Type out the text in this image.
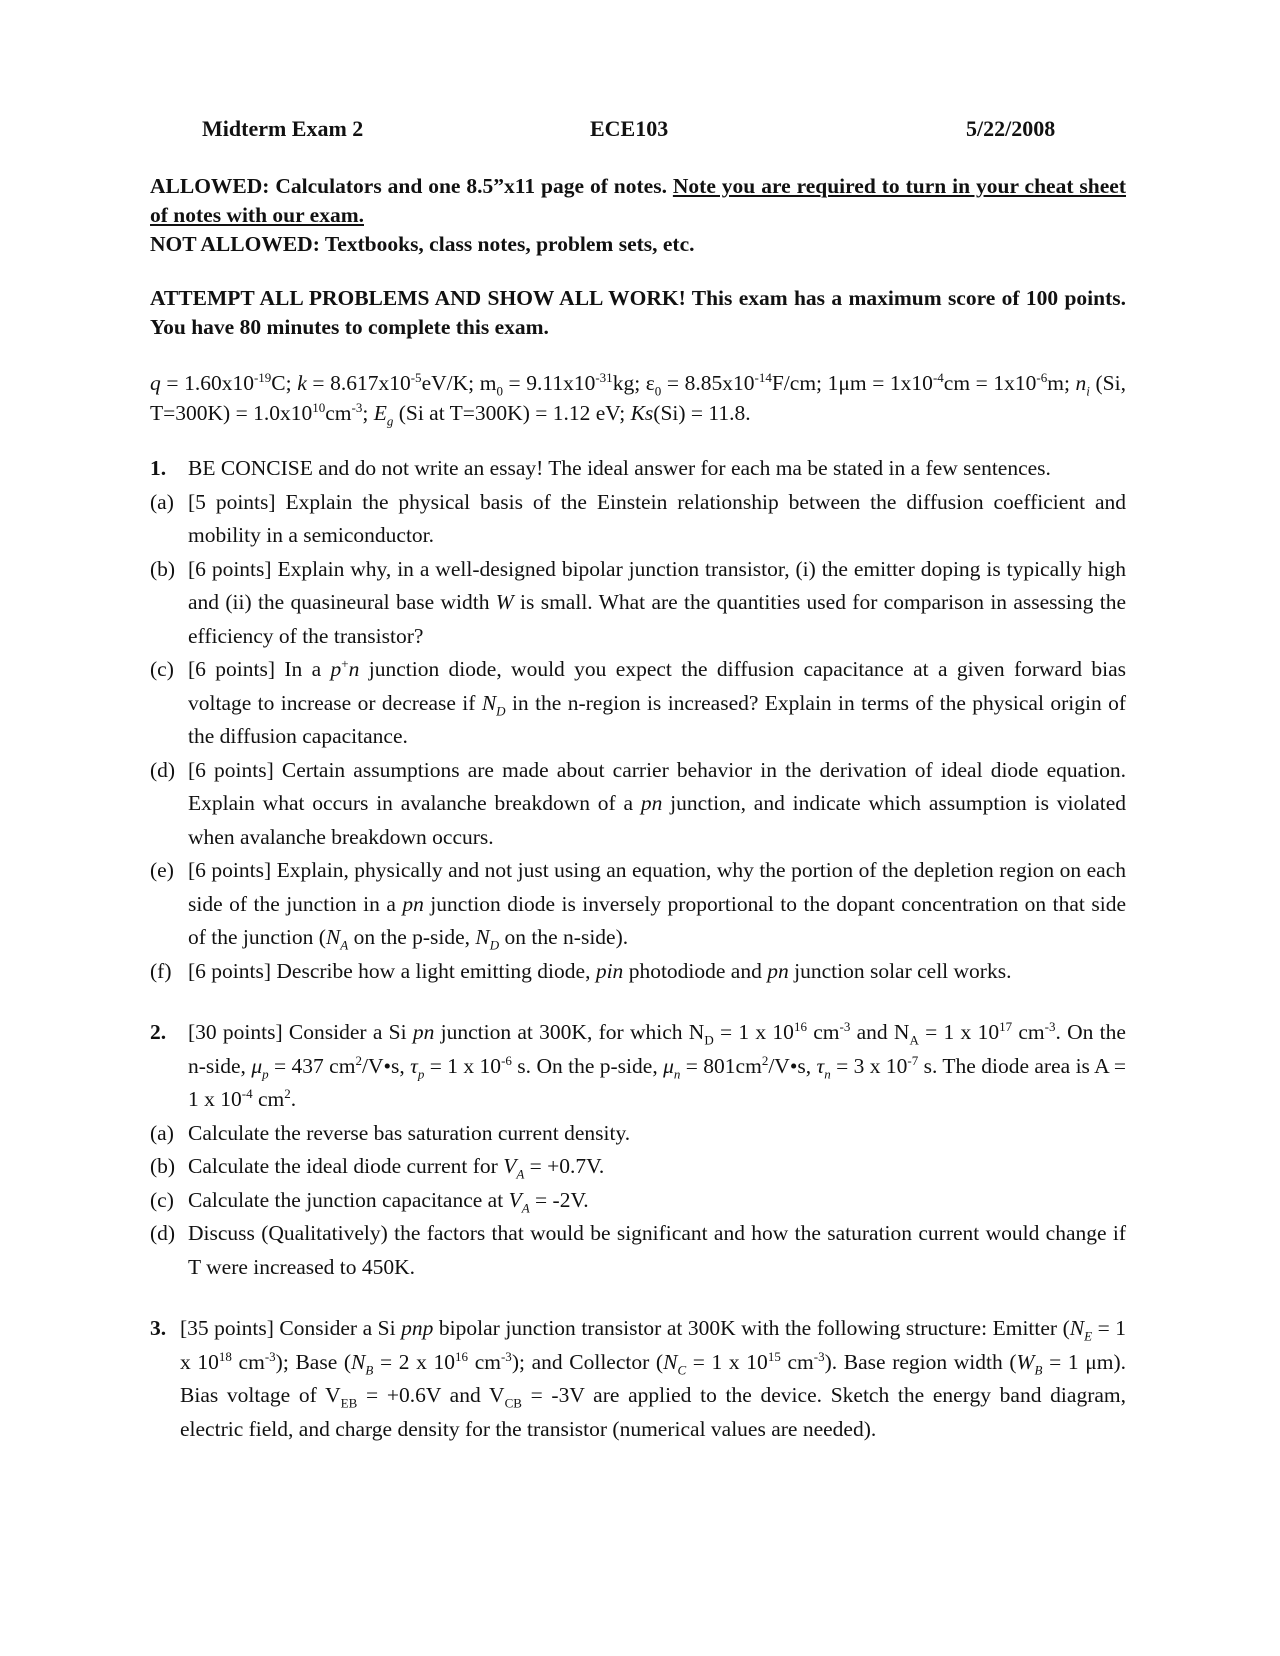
Midterm Exam 2	ECE103	5/22/2008

ALLOWED: Calculators and one 8.5”x11 page of notes. Note you are required to turn in your cheat sheet of notes with our exam.

NOT ALLOWED: Textbooks, class notes, problem sets, etc.

ATTEMPT ALL PROBLEMS AND SHOW ALL WORK! This exam has a maximum score of 100 points. You have 80 minutes to complete this exam.

$q = 1.60x10^{-19}C$; $k = 8.617x10^{-5}eV/K$; $m_0 = 9.11x10^{-31}kg$; $\varepsilon_0 = 8.85x10^{-14}F/cm$; $1\mu m = 1x10^{-4}cm = 1x10^{-6}m$; $n_i$ (Si, $T=300K) = 1.0x10^{10}cm^{-3}$; $E_g$ (Si at T=300K) = 1.12 eV; Ks(Si) = 11.8.

1.	BE CONCISE and do not write an essay! The ideal answer for each ma be stated in a few sentences.
(a) [5 points] Explain the physical basis of the Einstein relationship between the diffusion coefficient and mobility in a semiconductor.
(b) [6 points] Explain why, in a well-designed bipolar junction transistor, (i) the emitter doping is typically high and (ii) the quasineural base width W is small. What are the quantities used for comparison in assessing the efficiency of the transistor?
(c) [6 points] In a p+n junction diode, would you expect the diffusion capacitance at a given forward bias voltage to increase or decrease if $N_D$ in the n-region is increased? Explain in terms of the physical origin of the diffusion capacitance.
(d) [6 points] Certain assumptions are made about carrier behavior in the derivation of ideal diode equation. Explain what occurs in avalanche breakdown of a pn junction, and indicate which assumption is violated when avalanche breakdown occurs.
(e) [6 points] Explain, physically and not just using an equation, why the portion of the depletion region on each side of the junction in a pn junction diode is inversely proportional to the dopant concentration on that side of the junction ($N_A$ on the p-side, $N_D$ on the n-side).
(f) [6 points] Describe how a light emitting diode, pin photodiode and pn junction solar cell works.
2.	[30 points] Consider a Si pn junction at 300K, for which $N_D = 1$ x $10^{16}$ $cm^{-3}$ and $N_A = 1$ x $10^{17}$ $cm^{-3}$. On the n-side, $\mu_p = 437$ $cm^2/V•s$, $\tau_p = 1$ x $10^{-6}$ s. On the p-side, $\mu_n$ = $801cm^2/V•s$, $\tau_n = 3$ x $10^{-7}$ s. The diode area is A = 1 x $10^{-4}$ $cm^2$.
(a) Calculate the reverse bas saturation current density.
(b) Calculate the ideal diode current for $V_A = +0.7V$.
(c) Calculate the junction capacitance at $V_A = -2V$.
(d) Discuss (Qualitatively) the factors that would be significant and how the saturation current would change if T were increased to 450K.
3. [35 points] Consider a Si pnp bipolar junction transistor at 300K with the following structure: Emitter ($N_E = 1$ x $10^{18}$ $cm^{-3}$); Base ($N_B = 2$ x $10^{16}$ $cm^{-3}$); and Collector ($N_C = 1$ x $10^{15}$ $cm^{-3}$). Base region width ($W_B = 1$ μm). Bias voltage of $V_{EB} = +0.6V$ and $V_{CB} = -3V$ are applied to the device. Sketch the energy band diagram, electric field, and charge density for the transistor (numerical values are needed).
